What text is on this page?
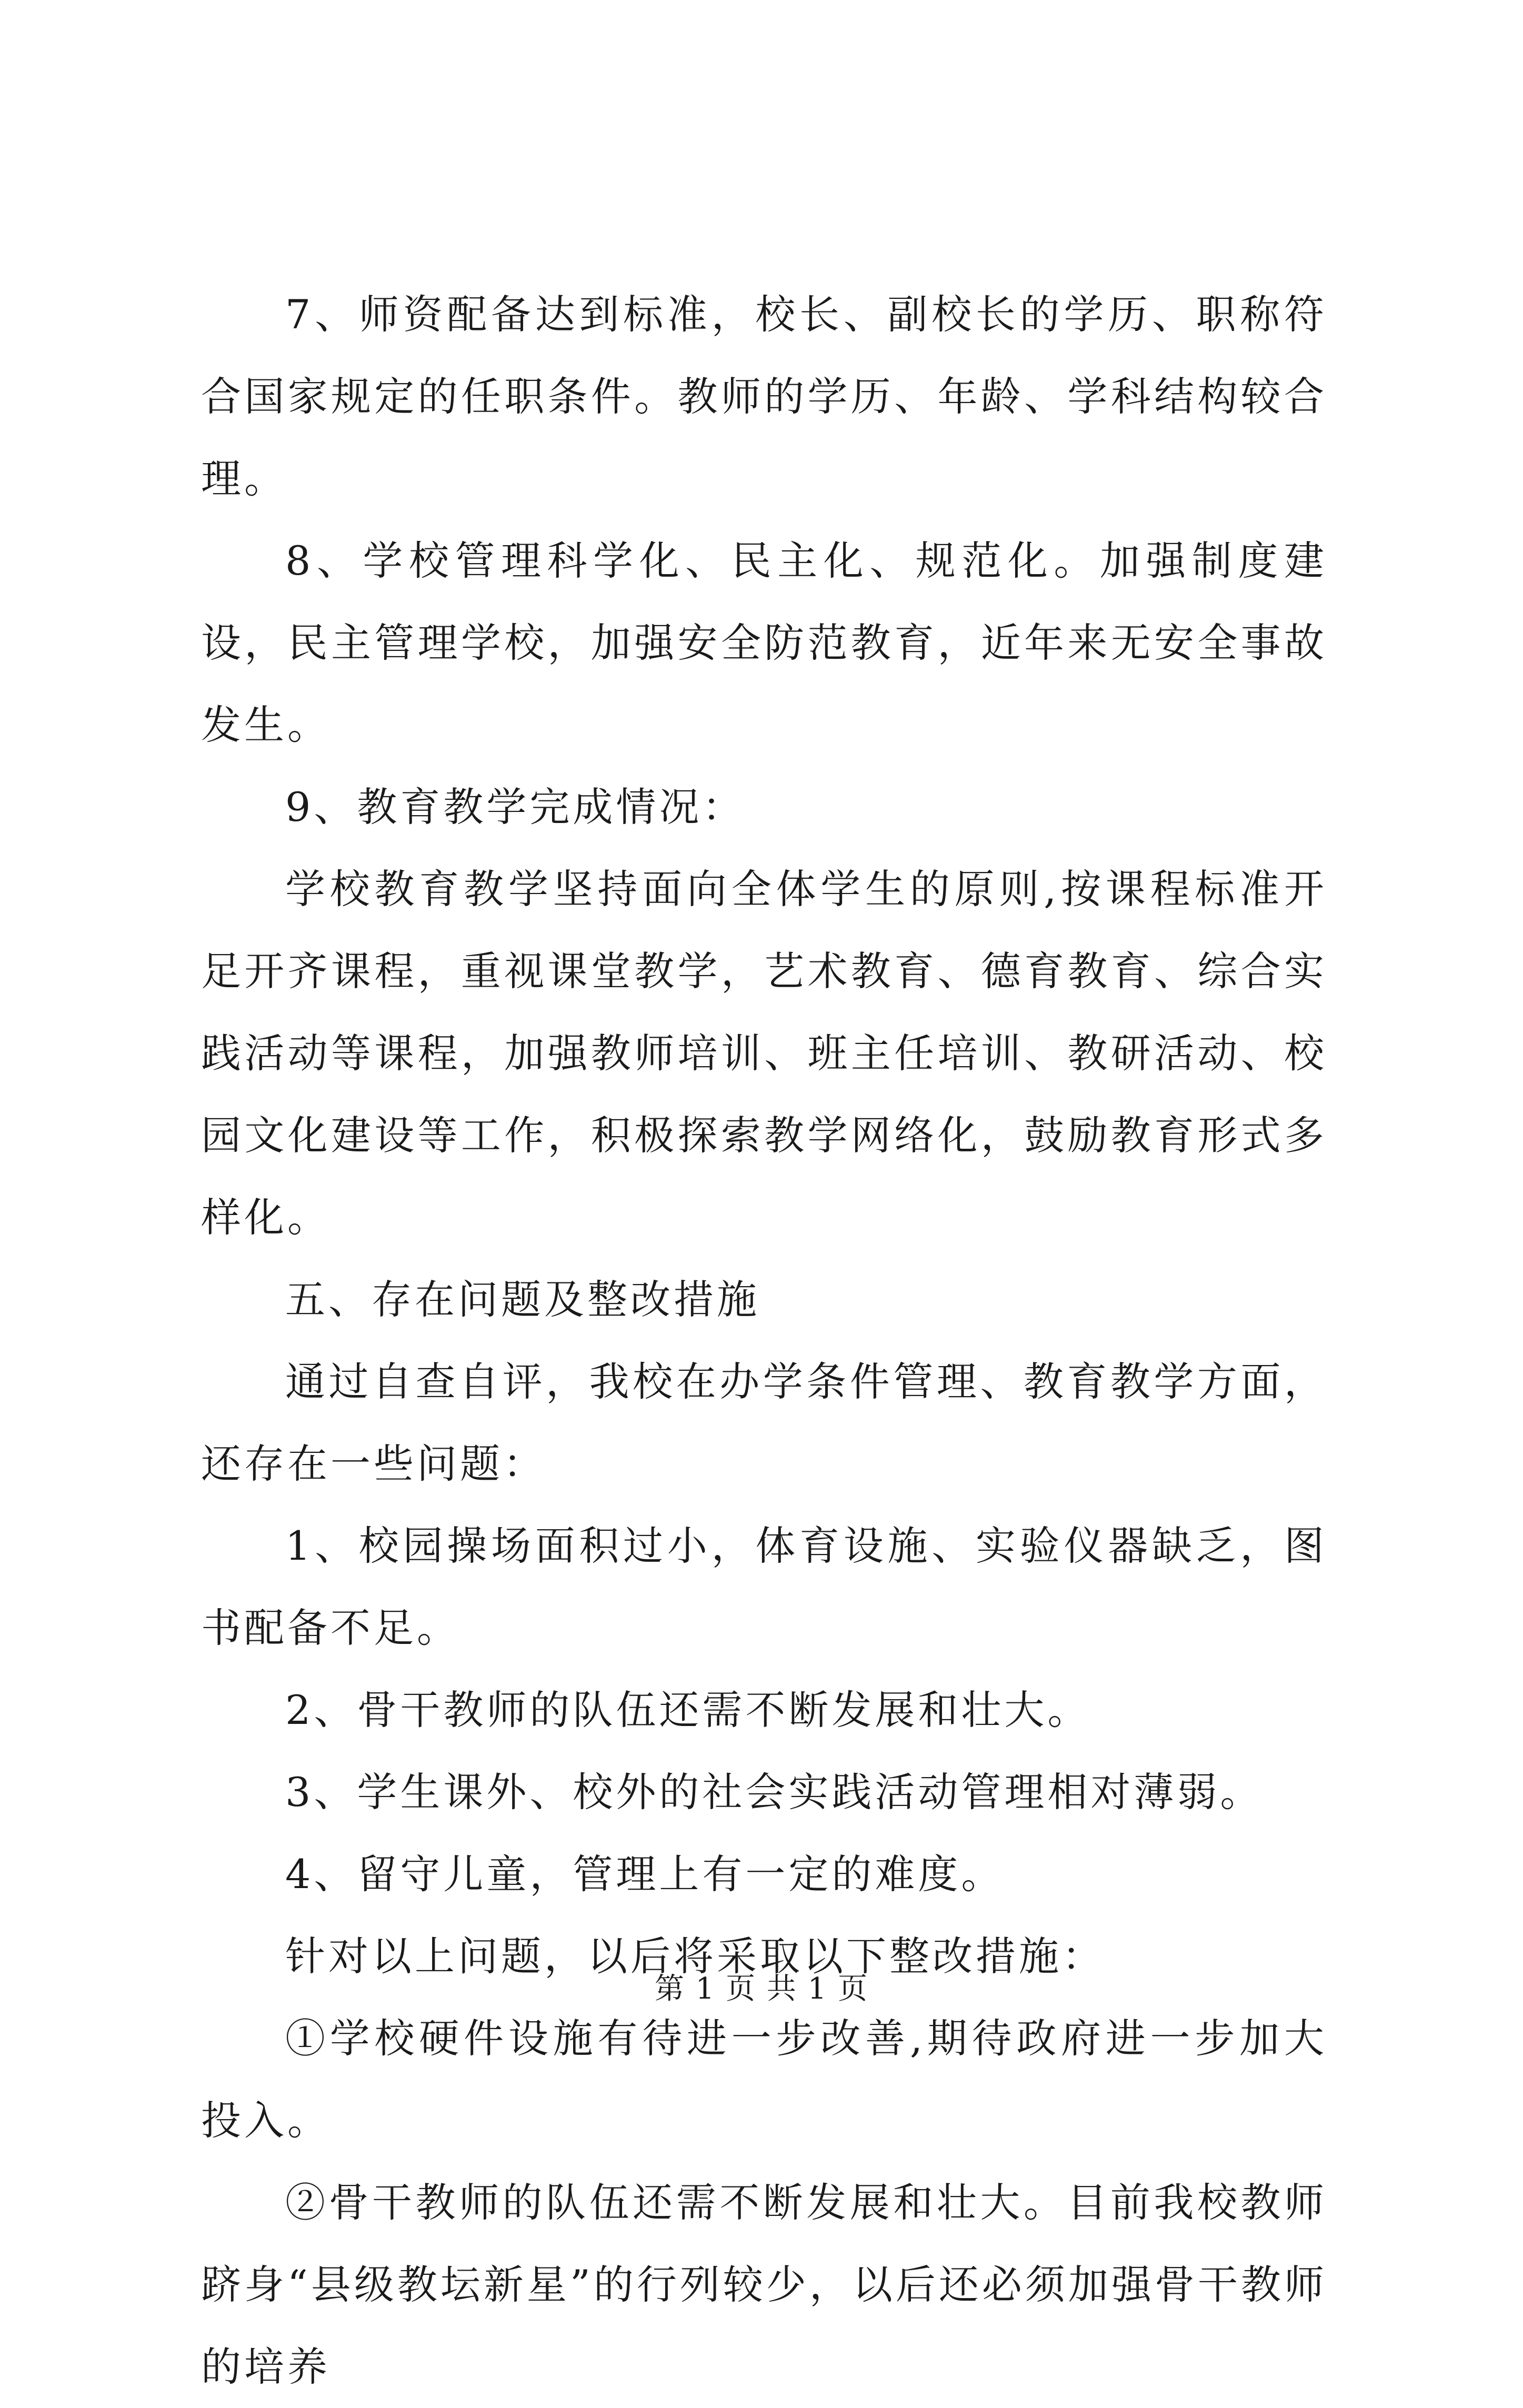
7、师资配备达到标准，校长、副校长的学历、职称符合国家规定的任职条件。教师的学历、年龄、学科结构较合理。

8、学校管理科学化、民主化、规范化。加强制度建设，民主管理学校，加强安全防范教育，近年来无安全事故发生。

9、教育教学完成情况：

学校教育教学坚持面向全体学生的原则,按课程标准开足开齐课程，重视课堂教学，艺术教育、德育教育、综合实践活动等课程，加强教师培训、班主任培训、教研活动、校园文化建设等工作，积极探索教学网络化，鼓励教育形式多样化。

五、存在问题及整改措施

通过自查自评，我校在办学条件管理、教育教学方面，还存在一些问题：

1、校园操场面积过小，体育设施、实验仪器缺乏，图书配备不足。

2、骨干教师的队伍还需不断发展和壮大。

3、学生课外、校外的社会实践活动管理相对薄弱。

4、留守儿童，管理上有一定的难度。

针对以上问题，以后将采取以下整改措施：

①学校硬件设施有待进一步改善,期待政府进一步加大投入。

②骨干教师的队伍还需不断发展和壮大。目前我校教师跻身“县级教坛新星”的行列较少，以后还必须加强骨干教师的培养

第 1 页 共 1 页
